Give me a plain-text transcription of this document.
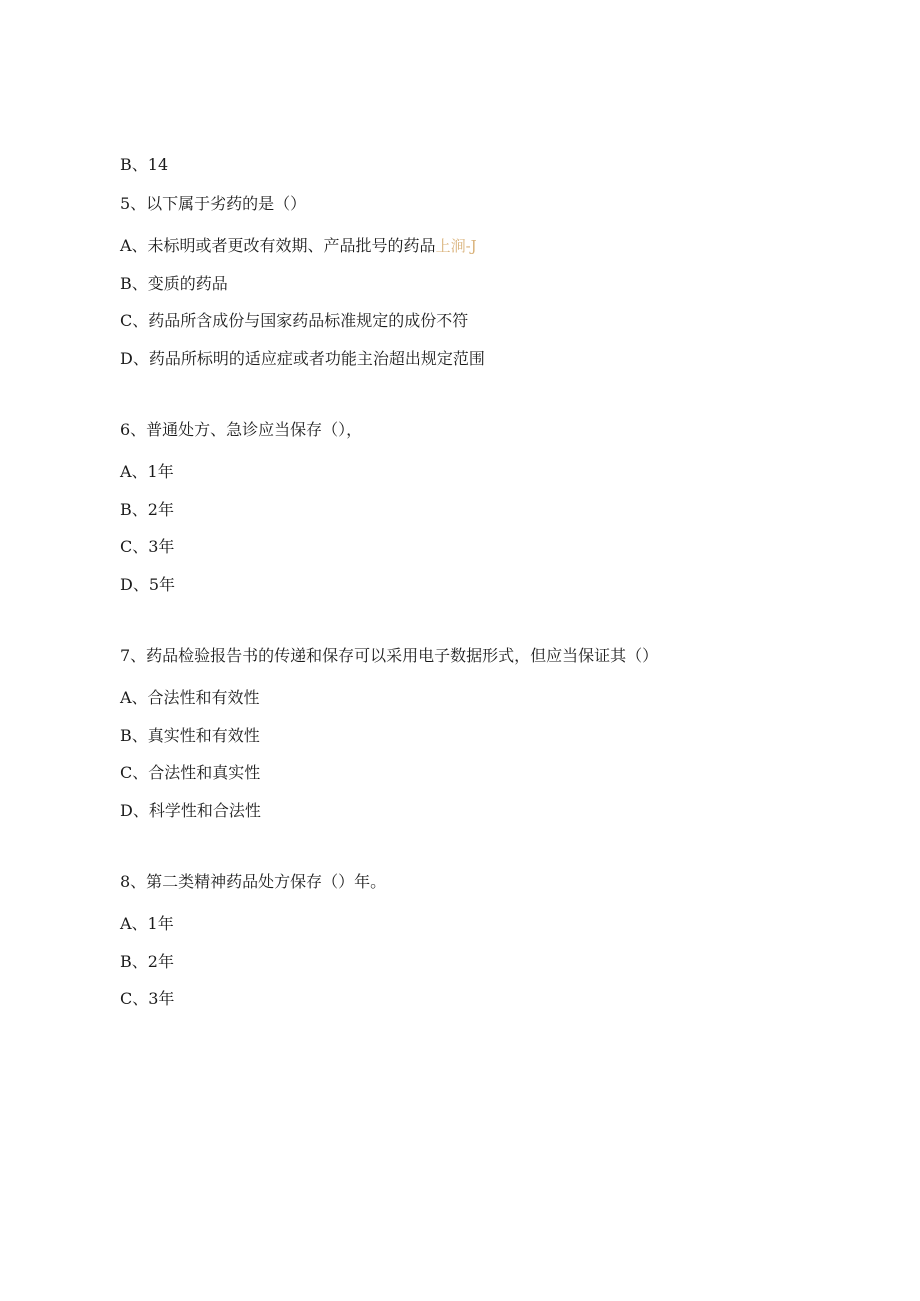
B、14
5、以下属于劣药的是（）
A、未标明或者更改有效期、产品批号的药品上涧-J
B、变质的药品
C、药品所含成份与国家药品标准规定的成份不符
D、药品所标明的适应症或者功能主治超出规定范围
6、普通处方、急诊应当保存（），
A、1年
B、2年
C、3年
D、5年
7、药品检验报告书的传递和保存可以采用电子数据形式，但应当保证其（）
A、合法性和有效性
B、真实性和有效性
C、合法性和真实性
D、科学性和合法性
8、第二类精神药品处方保存（）年。
A、1年
B、2年
C、3年
